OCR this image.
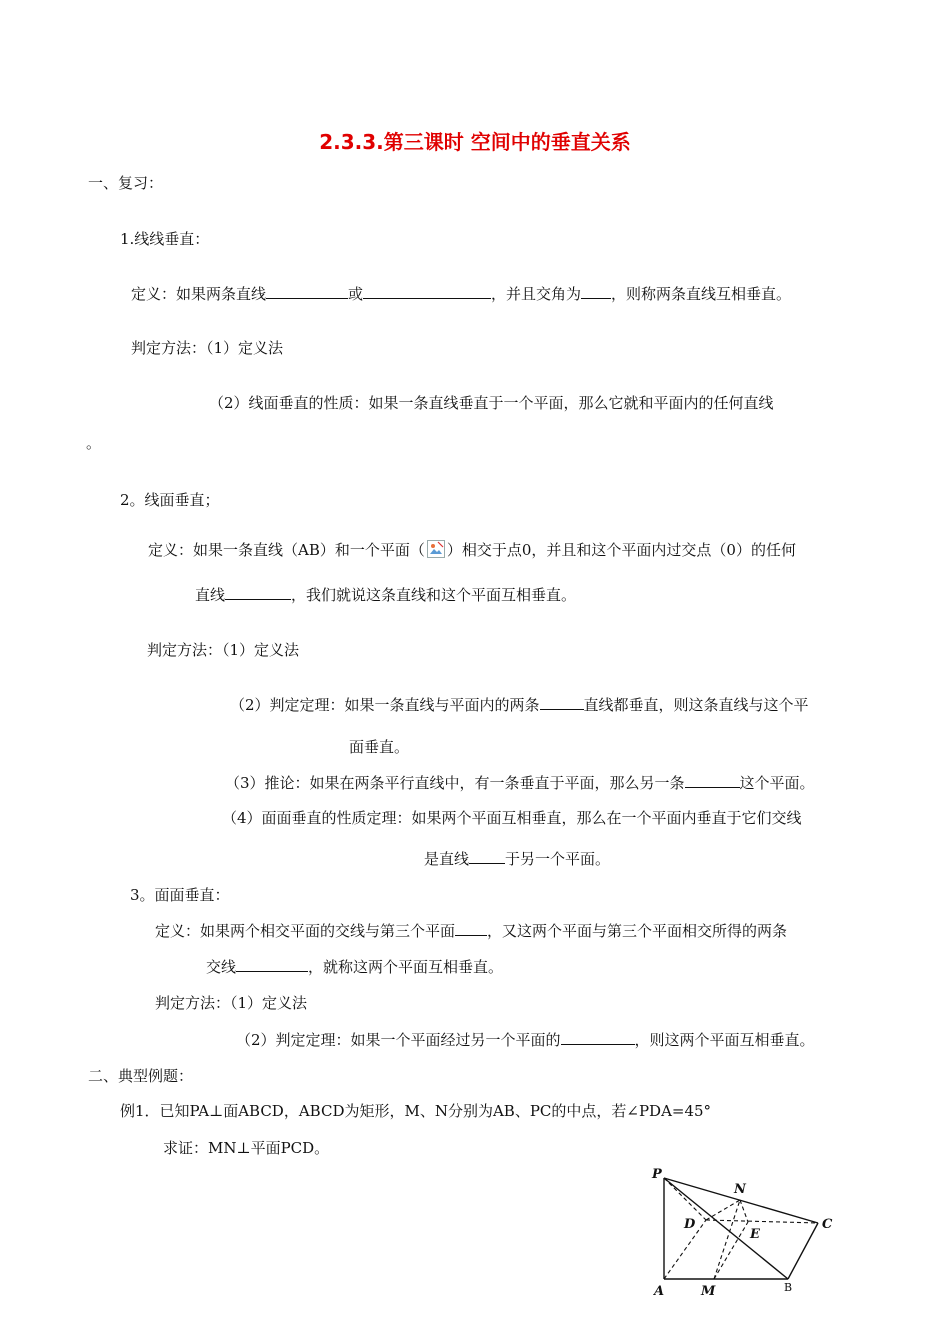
2.3.3.第三课时 空间中的垂直关系
一、复习：
1.线线垂直：
定义：如果两条直线	或	，并且交角为 ，则称两条直线互相垂直。
判定方法：（1）定义法
（2）线面垂直的性质：如果一条直线垂直于一个平面，那么它就和平面内的任何直线
。
2。线面垂直；
定义：如果一条直线（AB）和一个平面（ ）相交于点0，并且和这个平面内过交点（0）的任何
直线	，我们就说这条直线和这个平面互相垂直。
判定方法：（1）定义法
（2）判定定理：如果一条直线与平面内的两条	直线都垂直，则这条直线与这个平
面垂直。
（3）推论：如果在两条平行直线中，有一条垂直于平面，那么另一条	这个平面。
（4）面面垂直的性质定理：如果两个平面互相垂直，那么在一个平面内垂直于它们交线
是直线 于另一个平面。
3。面面垂直：
定义：如果两个相交平面的交线与第三个平面 ，又这两个平面与第三个平面相交所得的两条
交线	，就称这两个平面互相垂直。
判定方法：（1）定义法
（2）判定定理：如果一个平面经过另一个平面的	，则这两个平面互相垂直。
二、典型例题：
例1．已知PA⊥面ABCD，ABCD为矩形，M、N分别为AB、PC的中点，若∠PDA=45°
求证：MN⊥平面PCD。
P
N
D
E
C
A	M	B
